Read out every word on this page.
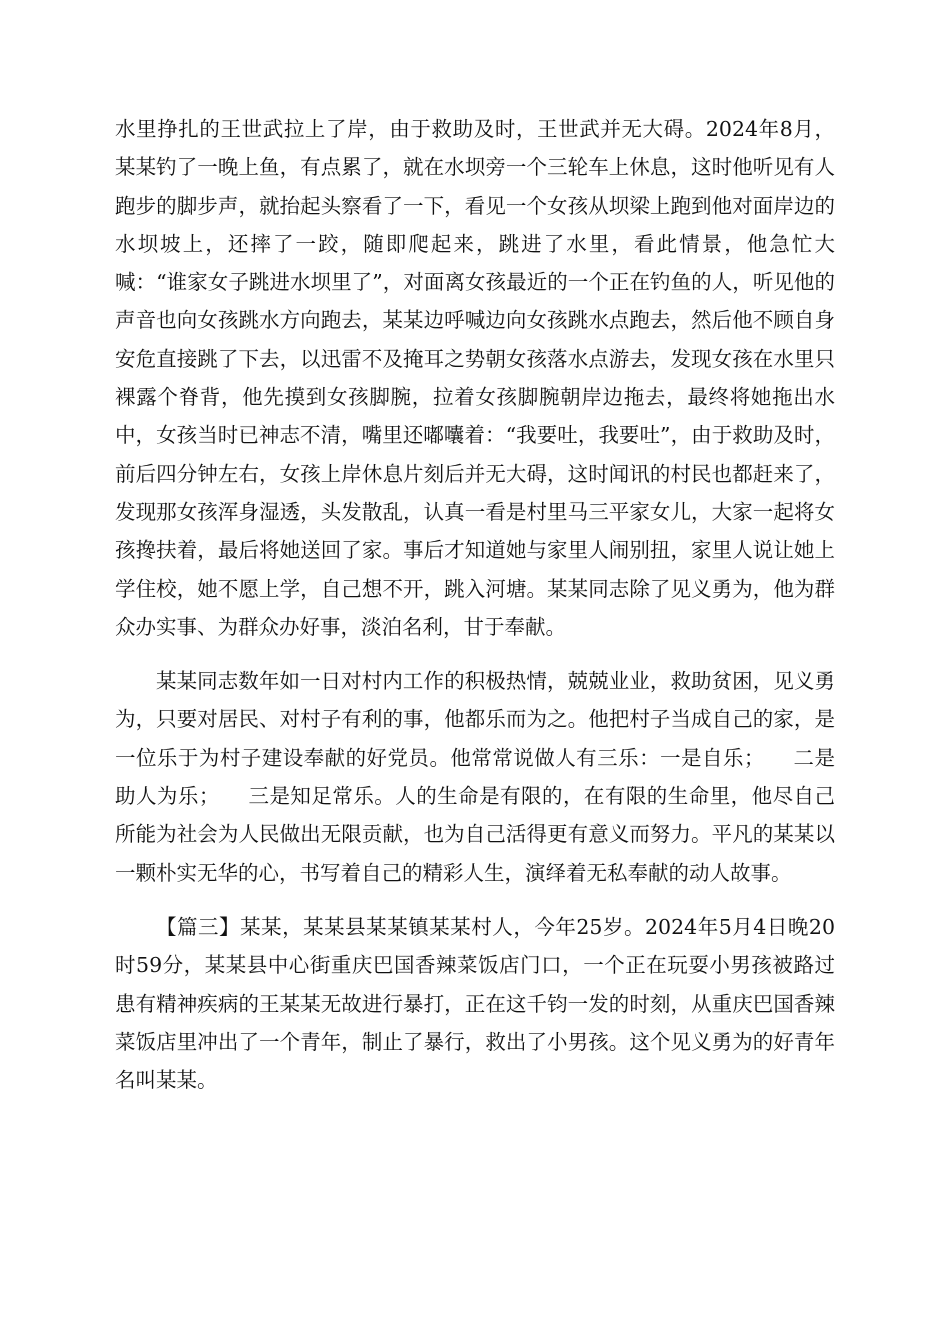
水里挣扎的王世武拉上了岸，由于救助及时，王世武并无大碍。2024年8月，某某钓了一晚上鱼，有点累了，就在水坝旁一个三轮车上休息，这时他听见有人跑步的脚步声，就抬起头察看了一下，看见一个女孩从坝梁上跑到他对面岸边的水坝坡上，还摔了一跤，随即爬起来，跳进了水里，看此情景，他急忙大喊：“谁家女子跳进水坝里了”，对面离女孩最近的一个正在钓鱼的人，听见他的声音也向女孩跳水方向跑去，某某边呼喊边向女孩跳水点跑去，然后他不顾自身安危直接跳了下去，以迅雷不及掩耳之势朝女孩落水点游去，发现女孩在水里只裸露个脊背，他先摸到女孩脚腕，拉着女孩脚腕朝岸边拖去，最终将她拖出水中，女孩当时已神志不清，嘴里还嘟囔着：“我要吐，我要吐”，由于救助及时，前后四分钟左右，女孩上岸休息片刻后并无大碍，这时闻讯的村民也都赶来了，发现那女孩浑身湿透，头发散乱，认真一看是村里马三平家女儿，大家一起将女孩搀扶着，最后将她送回了家。事后才知道她与家里人闹别扭，家里人说让她上学住校，她不愿上学，自己想不开，跳入河塘。某某同志除了见义勇为，他为群众办实事、为群众办好事，淡泊名利，甘于奉献。

某某同志数年如一日对村内工作的积极热情，兢兢业业，救助贫困，见义勇为，只要对居民、对村子有利的事，他都乐而为之。他把村子当成自己的家，是一位乐于为村子建设奉献的好党员。他常常说做人有三乐：一是自乐； 二是助人为乐； 三是知足常乐。人的生命是有限的，在有限的生命里，他尽自己所能为社会为人民做出无限贡献，也为自己活得更有意义而努力。平凡的某某以一颗朴实无华的心，书写着自己的精彩人生，演绎着无私奉献的动人故事。

【篇三】某某，某某县某某镇某某村人，今年25岁。2024年5月4日晚20时59分，某某县中心街重庆巴国香辣菜饭店门口，一个正在玩耍小男孩被路过患有精神疾病的王某某无故进行暴打，正在这千钧一发的时刻，从重庆巴国香辣菜饭店里冲出了一个青年，制止了暴行，救出了小男孩。这个见义勇为的好青年名叫某某。
